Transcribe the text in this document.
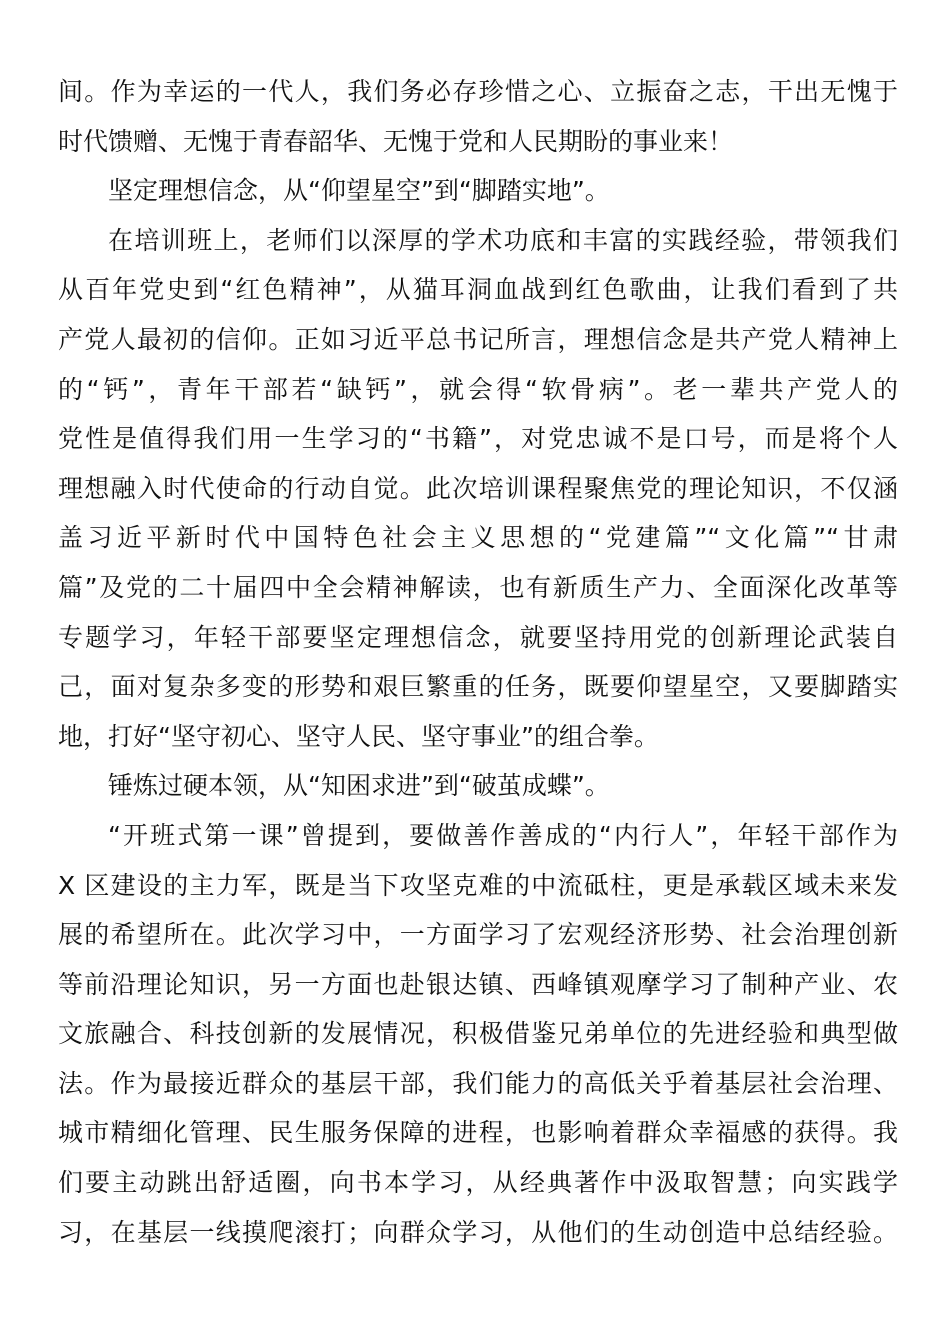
间。作为幸运的一代人，我们务必存珍惜之心、立振奋之志，干出无愧于
时代馈赠、无愧于青春韶华、无愧于党和人民期盼的事业来！
坚定理想信念，从“仰望星空”到“脚踏实地”。
在培训班上，老师们以深厚的学术功底和丰富的实践经验，带领我们
从百年党史到“红色精神”，从猫耳洞血战到红色歌曲，让我们看到了共
产党人最初的信仰。正如习近平总书记所言，理想信念是共产党人精神上
的“钙”，青年干部若“缺钙”，就会得“软骨病”。老一辈共产党人的
党性是值得我们用一生学习的“书籍”，对党忠诚不是口号，而是将个人
理想融入时代使命的行动自觉。此次培训课程聚焦党的理论知识，不仅涵
盖习近平新时代中国特色社会主义思想的“党建篇”“文化篇”“甘肃
篇”及党的二十届四中全会精神解读，也有新质生产力、全面深化改革等
专题学习，年轻干部要坚定理想信念，就要坚持用党的创新理论武装自
己，面对复杂多变的形势和艰巨繁重的任务，既要仰望星空，又要脚踏实
地，打好“坚守初心、坚守人民、坚守事业”的组合拳。
锤炼过硬本领，从“知困求进”到“破茧成蝶”。
“开班式第一课”曾提到，要做善作善成的“内行人”，年轻干部作为
X 区建设的主力军，既是当下攻坚克难的中流砥柱，更是承载区域未来发
展的希望所在。此次学习中，一方面学习了宏观经济形势、社会治理创新
等前沿理论知识，另一方面也赴银达镇、西峰镇观摩学习了制种产业、农
文旅融合、科技创新的发展情况，积极借鉴兄弟单位的先进经验和典型做
法。作为最接近群众的基层干部，我们能力的高低关乎着基层社会治理、
城市精细化管理、民生服务保障的进程，也影响着群众幸福感的获得。我
们要主动跳出舒适圈，向书本学习，从经典著作中汲取智慧；向实践学
习，在基层一线摸爬滚打；向群众学习，从他们的生动创造中总结经验。
